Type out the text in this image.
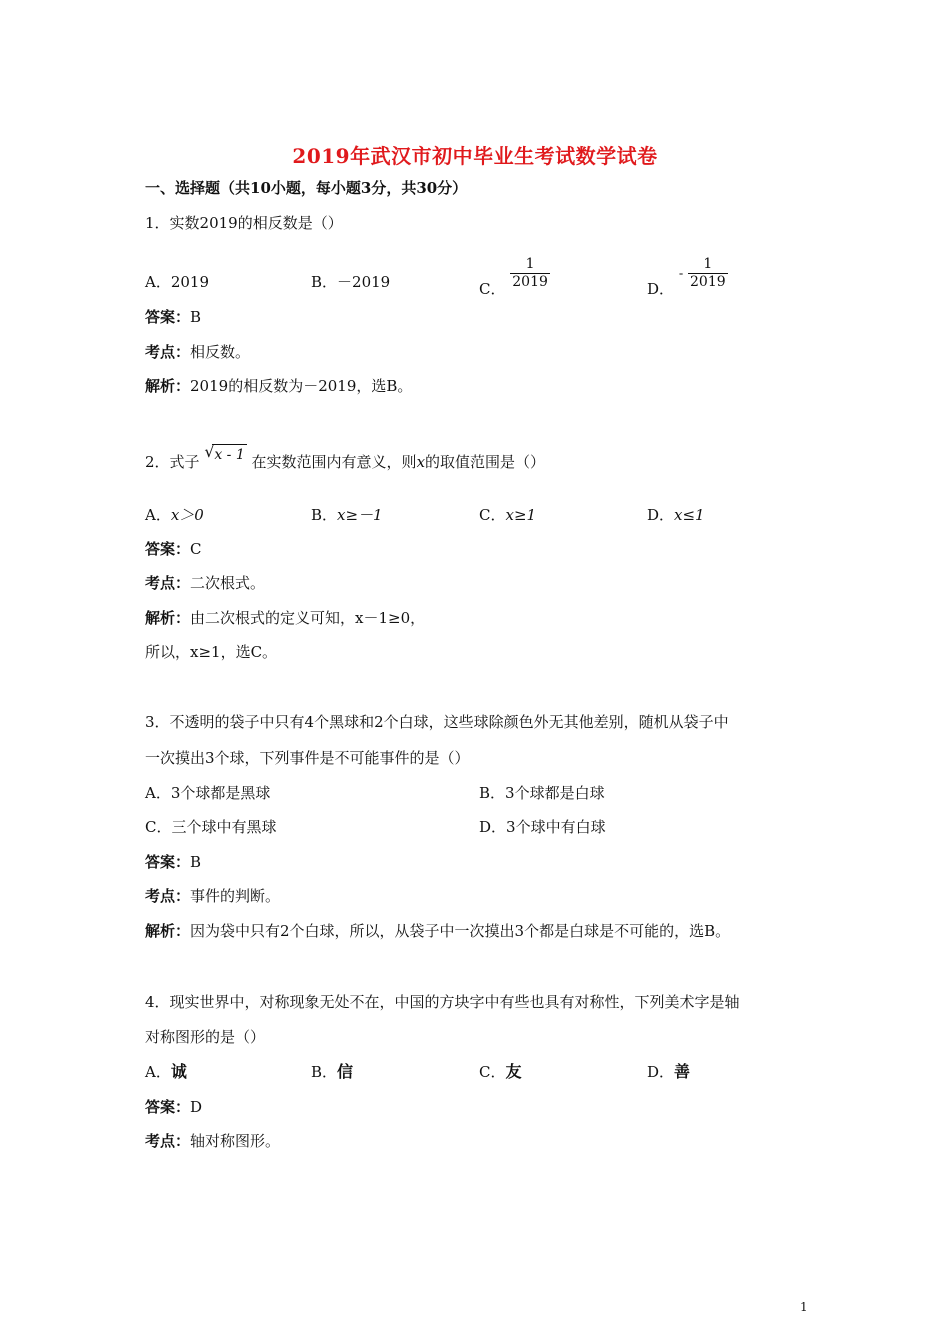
2019年武汉市初中毕业生考试数学试卷
一、选择题（共10小题，每小题3分，共30分）
1．实数2019的相反数是（）
A．2019	B．－2019	C． $\frac{1}{2019}$	D． - $\frac{1}{2019}$
答案：B
考点：相反数。
解析：2019的相反数为－2019，选B。
2．式子
√ x - 1 在实数范围内有意义，则x的取值范围是（）
A．x＞0	B．x≥－1	C．x≥1	D．x≤1
答案：C
考点：二次根式。
解析：由二次根式的定义可知，x－1≥0，
所以，x≥1，选C。
3．不透明的袋子中只有4个黑球和2个白球，这些球除颜色外无其他差别，随机从袋子中
一次摸出3个球，下列事件是不可能事件的是（）
A．3个球都是黑球	B．3个球都是白球
C．三个球中有黑球	D．3个球中有白球
答案：B
考点：事件的判断。
解析：因为袋中只有2个白球，所以，从袋子中一次摸出3个都是白球是不可能的，选B。
4．现实世界中，对称现象无处不在，中国的方块字中有些也具有对称性，下列美术字是轴
对称图形的是（）
A．诚	B．信	C．友	D．善
答案：D
考点：轴对称图形。
1
